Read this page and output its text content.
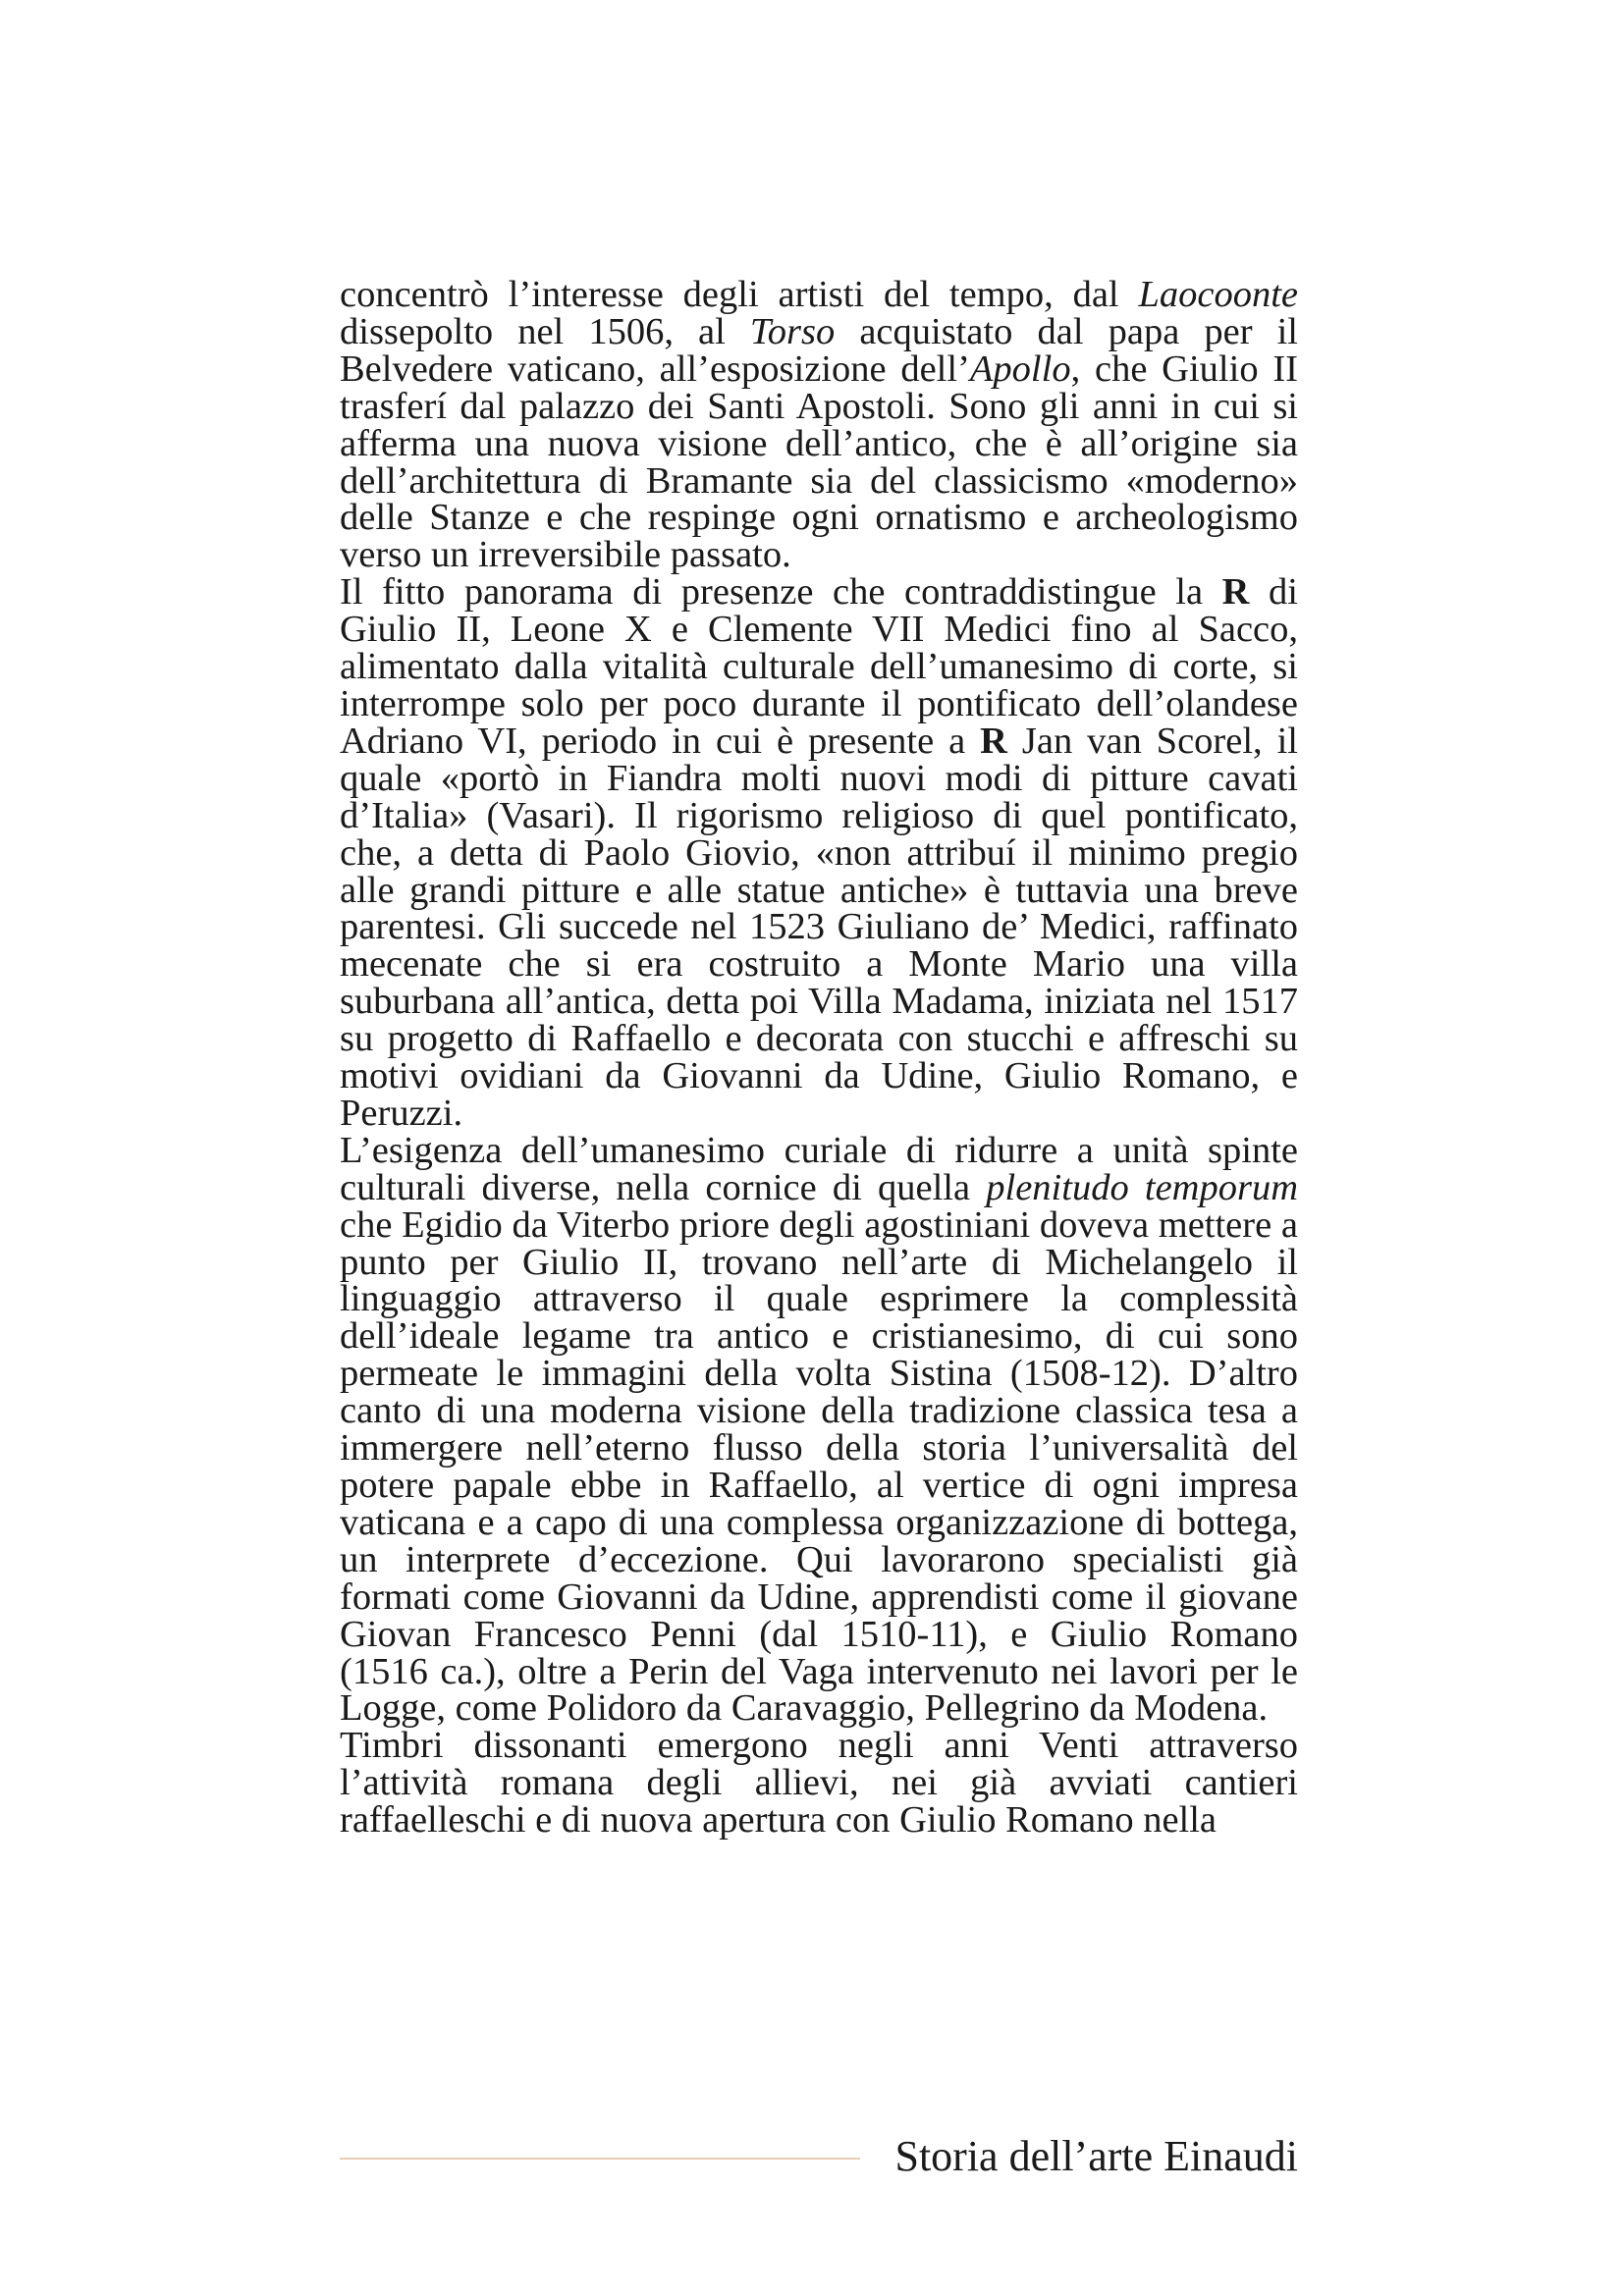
concentrò l’interesse degli artisti del tempo, dal Laocoonte dissepolto nel 1506, al Torso acquistato dal papa per il Belvedere vaticano, all’esposizione dell’Apollo, che Giulio II trasferí dal palazzo dei Santi Apostoli. Sono gli anni in cui si afferma una nuova visione dell’antico, che è all’origine sia dell’architettura di Bramante sia del classicismo «moderno» delle Stanze e che respinge ogni ornatismo e archeologismo verso un irreversibile passato.

Il fitto panorama di presenze che contraddistingue la R di Giulio II, Leone X e Clemente VII Medici fino al Sacco, alimentato dalla vitalità culturale dell’umanesimo di corte, si interrompe solo per poco durante il pontificato dell’olandese Adriano VI, periodo in cui è presente a R Jan van Scorel, il quale «portò in Fiandra molti nuovi modi di pitture cavati d’Italia» (Vasari). Il rigorismo religioso di quel pontificato, che, a detta di Paolo Giovio, «non attribuí il minimo pregio alle grandi pitture e alle statue antiche» è tuttavia una breve parentesi. Gli succede nel 1523 Giuliano de’ Medici, raffinato mecenate che si era costruito a Monte Mario una villa suburbana all’antica, detta poi Villa Madama, iniziata nel 1517 su progetto di Raffaello e decorata con stucchi e affreschi su motivi ovidiani da Giovanni da Udine, Giulio Romano, e Peruzzi.

L’esigenza dell’umanesimo curiale di ridurre a unità spinte culturali diverse, nella cornice di quella plenitudo temporum che Egidio da Viterbo priore degli agostiniani doveva mettere a punto per Giulio II, trovano nell’arte di Michelangelo il linguaggio attraverso il quale esprimere la complessità dell’ideale legame tra antico e cristianesimo, di cui sono permeate le immagini della volta Sistina (1508-12). D’altro canto di una moderna visione della tradizione classica tesa a immergere nell’eterno flusso della storia l’universalità del potere papale ebbe in Raffaello, al vertice di ogni impresa vaticana e a capo di una complessa organizzazione di bottega, un interprete d’eccezione. Qui lavorarono specialisti già formati come Giovanni da Udine, apprendisti come il giovane Giovan Francesco Penni (dal 1510-11), e Giulio Romano (1516 ca.), oltre a Perin del Vaga intervenuto nei lavori per le Logge, come Polidoro da Caravaggio, Pellegrino da Modena.

Timbri dissonanti emergono negli anni Venti attraverso l’attività romana degli allievi, nei già avviati cantieri raffaelleschi e di nuova apertura con Giulio Romano nella

Storia dell’arte Einaudi
